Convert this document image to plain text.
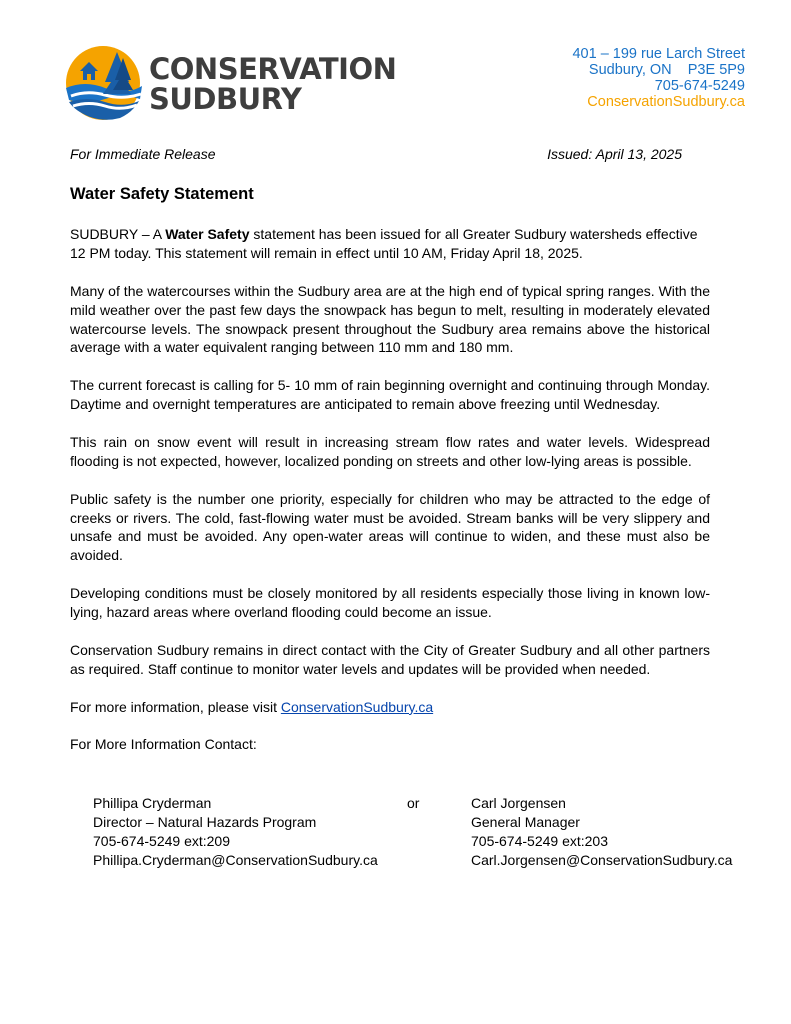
CONSERVATION
SUDBURY
401 – 199 rue Larch Street
Sudbury, ON    P3E 5P9
705-674-5249
ConservationSudbury.ca
For Immediate Release	Issued: April 13, 2025
Water Safety Statement

SUDBURY – A Water Safety statement has been issued for all Greater Sudbury watersheds effective 12 PM today. This statement will remain in effect until 10 AM, Friday April 18, 2025.

Many of the watercourses within the Sudbury area are at the high end of typical spring ranges. With the mild weather over the past few days the snowpack has begun to melt, resulting in moderately elevated watercourse levels. The snowpack present throughout the Sudbury area remains above the historical average with a water equivalent ranging between 110 mm and 180 mm.

The current forecast is calling for 5- 10 mm of rain beginning overnight and continuing through Monday. Daytime and overnight temperatures are anticipated to remain above freezing until Wednesday.

This rain on snow event will result in increasing stream flow rates and water levels. Widespread flooding is not expected, however, localized ponding on streets and other low-lying areas is possible.

Public safety is the number one priority, especially for children who may be attracted to the edge of creeks or rivers. The cold, fast-flowing water must be avoided. Stream banks will be very slippery and unsafe and must be avoided. Any open-water areas will continue to widen, and these must also be avoided.

Developing conditions must be closely monitored by all residents especially those living in known low-lying, hazard areas where overland flooding could become an issue.

Conservation Sudbury remains in direct contact with the City of Greater Sudbury and all other partners as required. Staff continue to monitor water levels and updates will be provided when needed.

For more information, please visit ConservationSudbury.ca

For More Information Contact:

Phillipa Cryderman
Director – Natural Hazards Program
705-674-5249 ext:209
Phillipa.Cryderman@ConservationSudbury.ca
or	Carl Jorgensen
General Manager
705-674-5249 ext:203
Carl.Jorgensen@ConservationSudbury.ca
